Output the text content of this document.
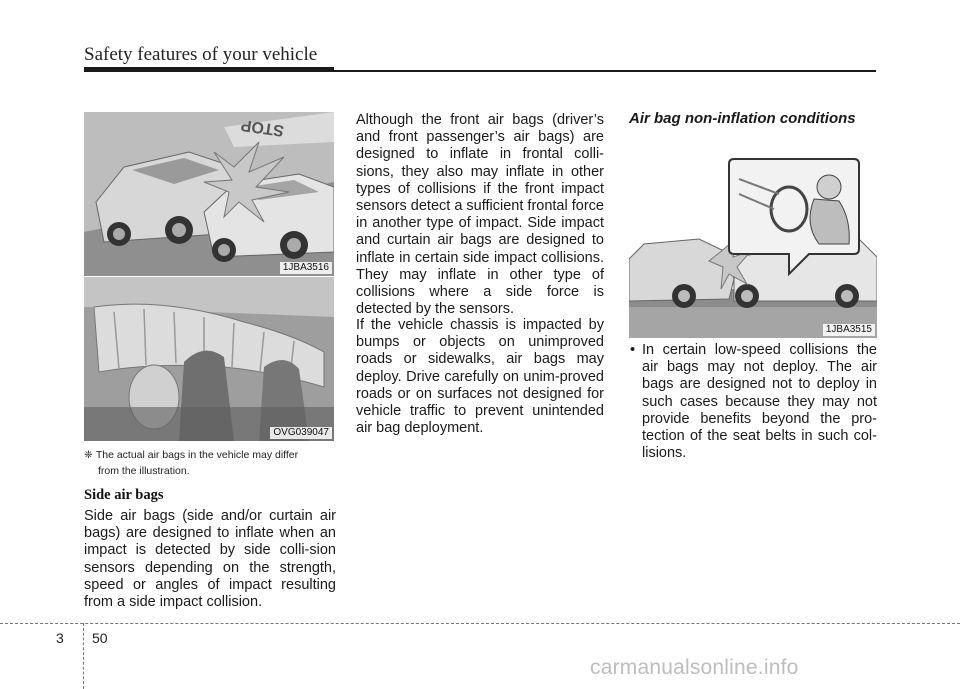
Safety features of your vehicle
STOP
1JBA3516
OVG039047
❈ The actual air bags in the vehicle may differ
from the illustration.
Side air bags
Side air bags (side and/or curtain air bags) are designed to inflate when an impact is detected by side colli-sion sensors depending on the strength, speed or angles of impact resulting from a side impact collision.
Although the front air bags (driver’s and front passenger’s air bags) are designed to inflate in frontal colli-sions, they also may inflate in other types of collisions if the front impact sensors detect a sufficient frontal force in another type of impact. Side impact and curtain air bags are designed to inflate in certain side impact collisions. They may inflate in other type of collisions where a side force is detected by the sensors.
If the vehicle chassis is impacted by bumps or objects on unimproved roads or sidewalks, air bags may deploy. Drive carefully on unim-proved roads or on surfaces not designed for vehicle traffic to prevent unintended air bag deployment.
Air bag non-inflation conditions
1JBA3515
• In certain low-speed collisions the air bags may not deploy. The air bags are designed not to deploy in such cases because they may not provide benefits beyond the pro-tection of the seat belts in such col-lisions.
3 50
carmanualsonline.info
